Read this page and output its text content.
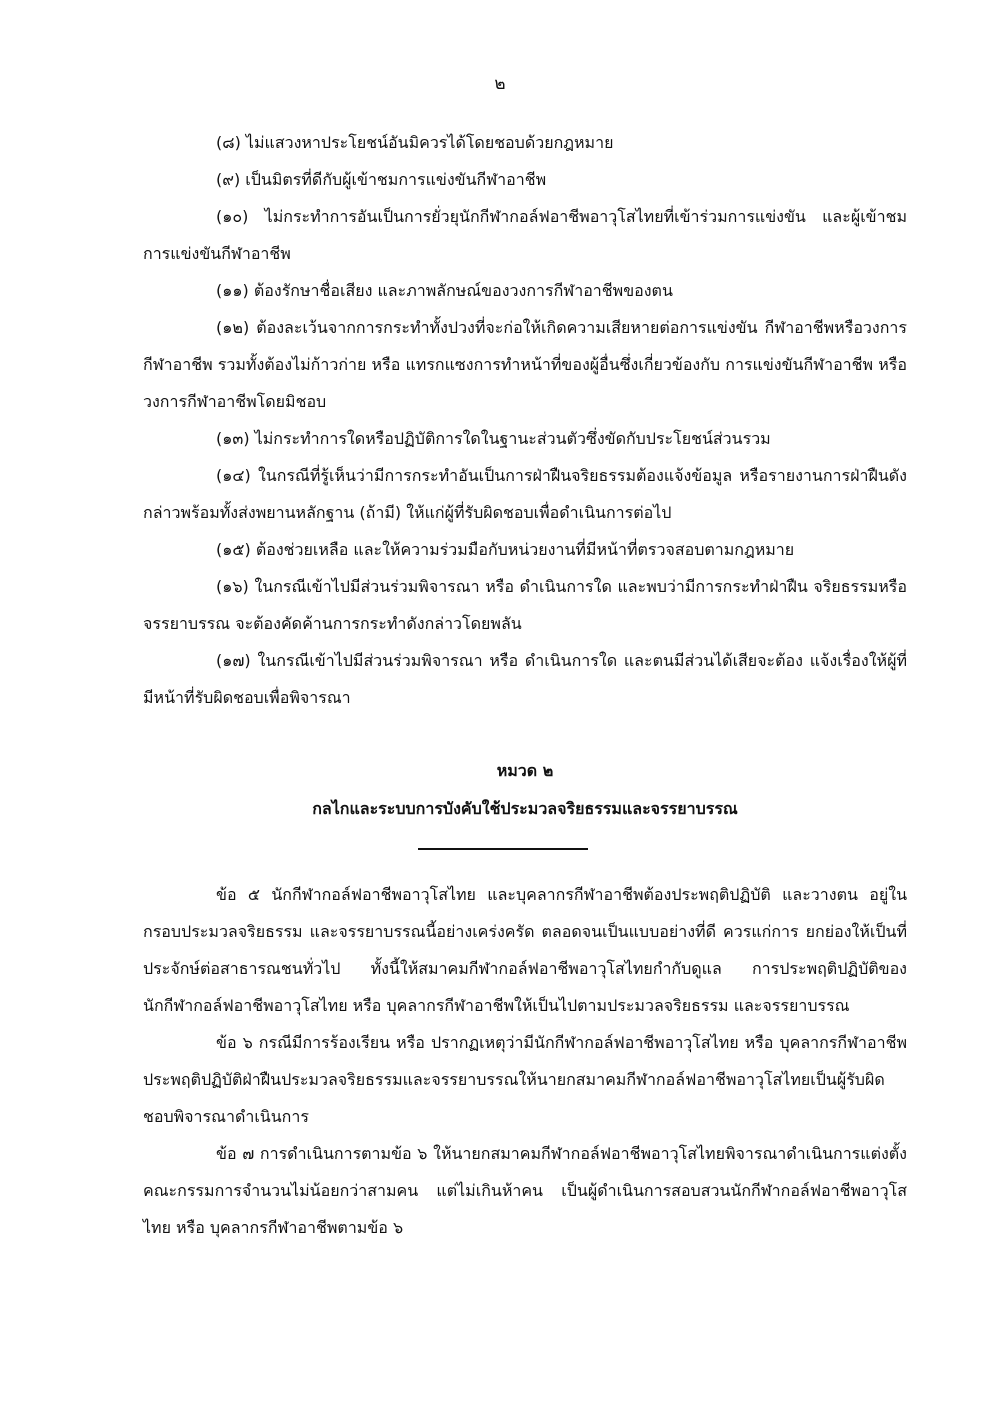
๒

(๘) ไม่แสวงหาประโยชน์อันมิควรได้โดยชอบด้วยกฎหมาย

(๙) เป็นมิตรที่ดีกับผู้เข้าชมการแข่งขันกีฬาอาชีพ

(๑๐) ไม่กระทำการอันเป็นการยั่วยุนักกีฬากอล์ฟอาชีพอาวุโสไทยที่เข้าร่วมการแข่งขัน และผู้เข้าชมการแข่งขันกีฬาอาชีพ

(๑๑) ต้องรักษาชื่อเสียง และภาพลักษณ์ของวงการกีฬาอาชีพของตน

(๑๒) ต้องละเว้นจากการกระทำทั้งปวงที่จะก่อให้เกิดความเสียหายต่อการแข่งขัน กีฬาอาชีพหรือวงการกีฬาอาชีพ รวมทั้งต้องไม่ก้าวก่าย หรือ แทรกแซงการทำหน้าที่ของผู้อื่นซึ่งเกี่ยวข้องกับ การแข่งขันกีฬาอาชีพ หรือ วงการกีฬาอาชีพโดยมิชอบ

(๑๓) ไม่กระทำการใดหรือปฏิบัติการใดในฐานะส่วนตัวซึ่งขัดกับประโยชน์ส่วนรวม

(๑๔) ในกรณีที่รู้เห็นว่ามีการกระทำอันเป็นการฝ่าฝืนจริยธรรมต้องแจ้งข้อมูล หรือรายงานการฝ่าฝืนดังกล่าวพร้อมทั้งส่งพยานหลักฐาน (ถ้ามี) ให้แก่ผู้ที่รับผิดชอบเพื่อดำเนินการต่อไป

(๑๕) ต้องช่วยเหลือ และให้ความร่วมมือกับหน่วยงานที่มีหน้าที่ตรวจสอบตามกฎหมาย

(๑๖) ในกรณีเข้าไปมีส่วนร่วมพิจารณา หรือ ดำเนินการใด และพบว่ามีการกระทำฝ่าฝืน จริยธรรมหรือจรรยาบรรณ จะต้องคัดค้านการกระทำดังกล่าวโดยพลัน

(๑๗) ในกรณีเข้าไปมีส่วนร่วมพิจารณา หรือ ดำเนินการใด และตนมีส่วนได้เสียจะต้อง แจ้งเรื่องให้ผู้ที่มีหน้าที่รับผิดชอบเพื่อพิจารณา

หมวด ๒
กลไกและระบบการบังคับใช้ประมวลจริยธรรมและจรรยาบรรณ

ข้อ ๕ นักกีฬากอล์ฟอาชีพอาวุโสไทย และบุคลากรกีฬาอาชีพต้องประพฤติปฏิบัติ และวางตน อยู่ในกรอบประมวลจริยธรรม และจรรยาบรรณนี้อย่างเคร่งครัด ตลอดจนเป็นแบบอย่างที่ดี ควรแก่การ ยกย่องให้เป็นที่ประจักษ์ต่อสาธารณชนทั่วไป ทั้งนี้ให้สมาคมกีฬากอล์ฟอาชีพอาวุโสไทยกำกับดูแล การประพฤติปฏิบัติของนักกีฬากอล์ฟอาชีพอาวุโสไทย หรือ บุคลากรกีฬาอาชีพให้เป็นไปตามประมวลจริยธรรม และจรรยาบรรณ

ข้อ ๖ กรณีมีการร้องเรียน หรือ ปรากฏเหตุว่ามีนักกีฬากอล์ฟอาชีพอาวุโสไทย หรือ บุคลากรกีฬาอาชีพประพฤติปฏิบัติฝ่าฝืนประมวลจริยธรรมและจรรยาบรรณให้นายกสมาคมกีฬากอล์ฟอาชีพอาวุโสไทยเป็นผู้รับผิดชอบพิจารณาดำเนินการ

ข้อ ๗ การดำเนินการตามข้อ ๖ ให้นายกสมาคมกีฬากอล์ฟอาชีพอาวุโสไทยพิจารณาดำเนินการแต่งตั้งคณะกรรมการจำนวนไม่น้อยกว่าสามคน แต่ไม่เกินห้าคน เป็นผู้ดำเนินการสอบสวนนักกีฬากอล์ฟอาชีพอาวุโสไทย หรือ บุคลากรกีฬาอาชีพตามข้อ ๖
